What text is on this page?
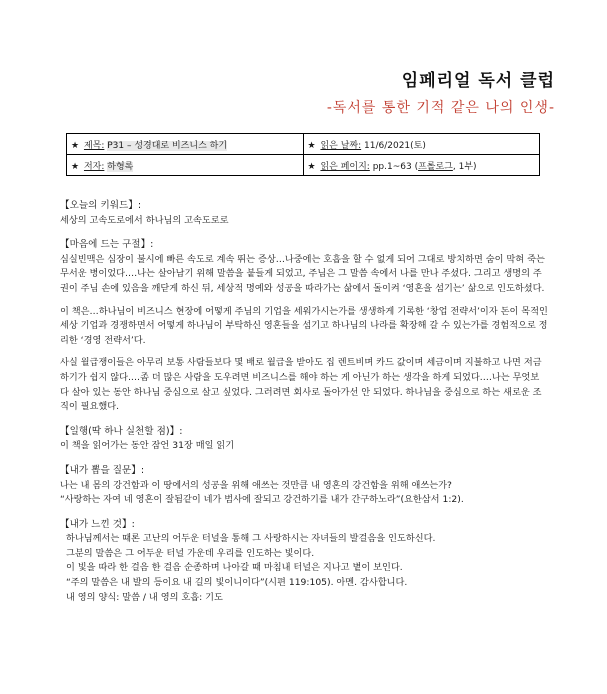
임페리얼 독서 클럽
-독서를 통한 기적 같은 나의 인생-
★ 제목: P31 – 성경대로 비즈니스 하기	★ 읽은 날짜: 11/6/2021(토)
★ 저자: 하형록	★ 읽은 페이지: pp.1~63 (프롤로그, 1부)
【오늘의 키워드】:
세상의 고속도로에서 하나님의 고속도로로
【마음에 드는 구절】:

심실빈맥은 심장이 불시에 빠른 속도로 계속 뛰는 증상…나중에는 호흡을 할 수 없게 되어 그대로 방치하면 숨이 막혀 죽는 무서운 병이었다.…나는 살아남기 위해 말씀을 붙들게 되었고, 주님은 그 말씀 속에서 나를 만나 주셨다. 그리고 생명의 주권이 주님 손에 있음을 깨닫게 하신 뒤, 세상적 명예와 성공을 따라가는 삶에서 돌이켜 ‘영혼을 섬기는’ 삶으로 인도하셨다.

이 책은…하나님이 비즈니스 현장에 어떻게 주님의 기업을 세워가시는가를 생생하게 기록한 ‘창업 전략서’이자 돈이 목적인 세상 기업과 경쟁하면서 어떻게 하나님이 부탁하신 영혼들을 섬기고 하나님의 나라를 확장해 갈 수 있는가를 경험적으로 정리한 ‘경영 전략서’다.

사실 월급쟁이들은 아무리 보통 사람들보다 몇 배로 월급을 받아도 집 렌트비며 카드 값이며 세금이며 지불하고 나면 저금하기가 쉽지 않다.…좀 더 많은 사람을 도우려면 비즈니스를 해야 하는 게 아닌가 하는 생각을 하게 되었다.…나는 무엇보다 살아 있는 동안 하나님 중심으로 살고 싶었다. 그러려면 회사로 돌아가선 안 되었다. 하나님을 중심으로 하는 새로운 조직이 필요했다.

【일행(딱 하나 실천할 점)】:
이 책을 읽어가는 동안 잠언 31장 매일 읽기
【내가 뽑을 질문】:
나는 내 몸의 강건함과 이 땅에서의 성공을 위해 애쓰는 것만큼 내 영혼의 강건함을 위해 애쓰는가?
“사랑하는 자여 네 영혼이 잘됨같이 네가 범사에 잘되고 강건하기를 내가 간구하노라”(요한삼서 1:2).
【내가 느낀 것】:
하나님께서는 때론 고난의 어두운 터널을 통해 그 사랑하시는 자녀들의 발걸음을 인도하신다.
그분의 말씀은 그 어두운 터널 가운데 우리를 인도하는 빛이다.
이 빛을 따라 한 걸음 한 걸음 순종하며 나아갈 때 마침내 터널은 지나고 볕이 보인다.
“주의 말씀은 내 발의 등이요 내 길의 빛이니이다”(시편 119:105). 아멘. 감사합니다.
내 영의 양식: 말씀 / 내 영의 호흡: 기도
